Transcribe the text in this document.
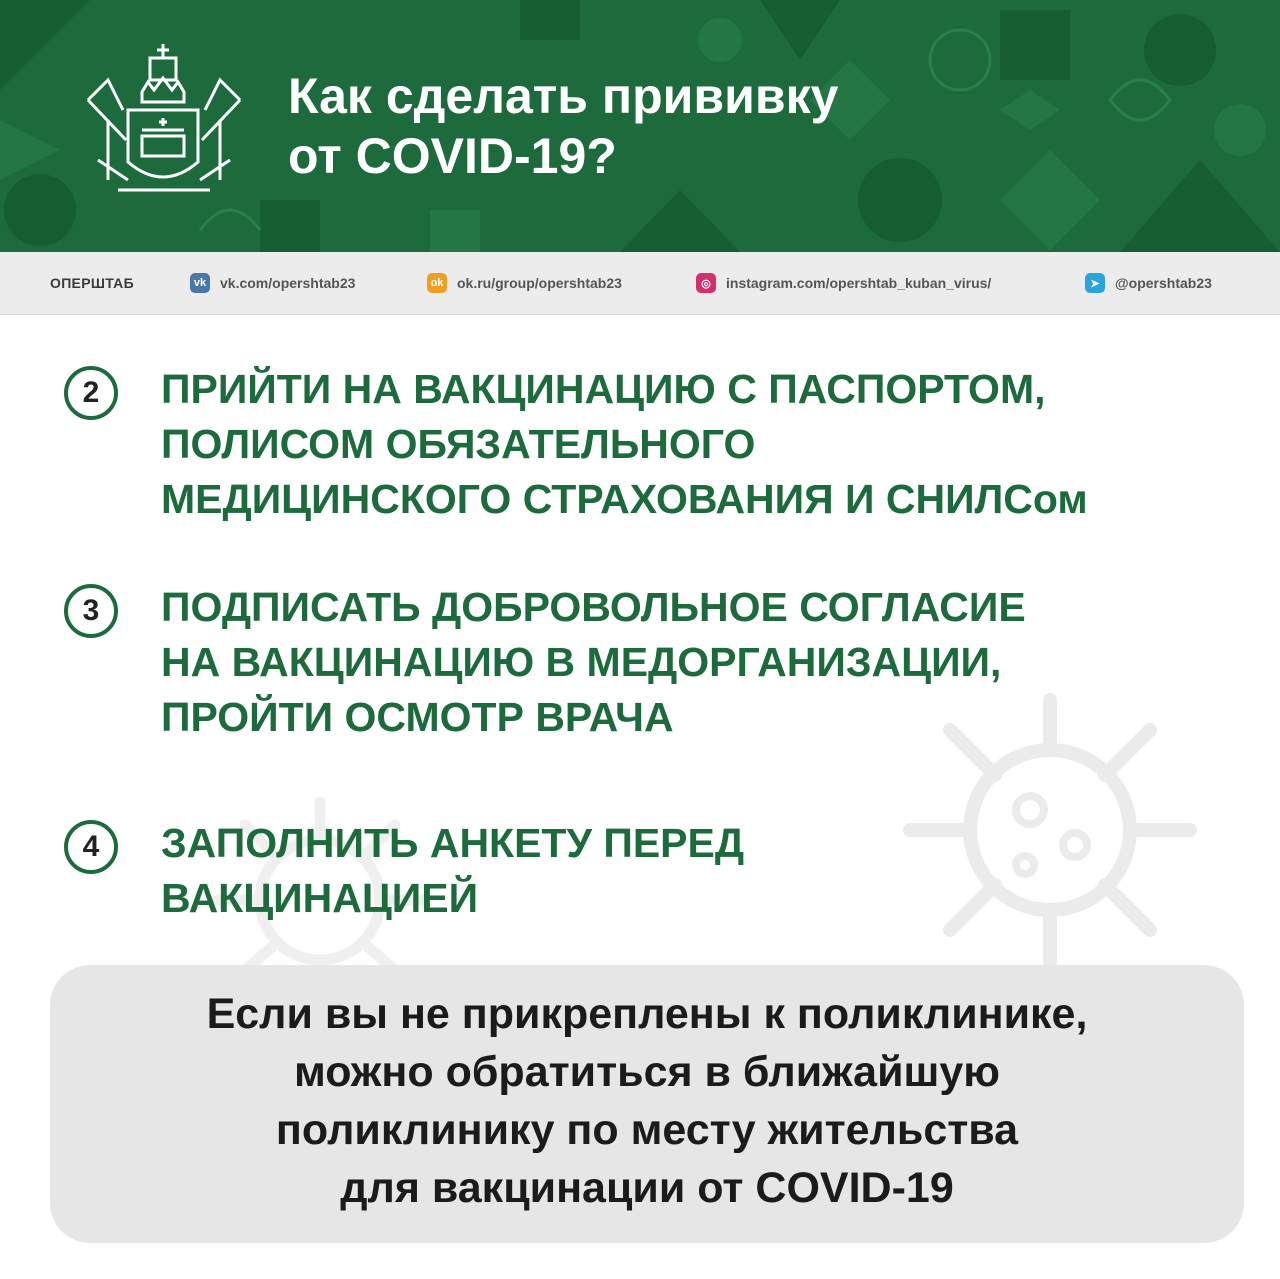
Как сделать прививку
от COVID-19?
ОПЕРШТАБ	vk vk.com/opershtab23	ok ok.ru/group/opershtab23	◎	instagram.com/opershtab_kuban_virus/	➤	@opershtab23
2	ПРИЙТИ НА ВАКЦИНАЦИЮ С ПАСПОРТОМ,
ПОЛИСОМ ОБЯЗАТЕЛЬНОГО
МЕДИЦИНСКОГО СТРАХОВАНИЯ И СНИЛСом
3	ПОДПИСАТЬ ДОБРОВОЛЬНОЕ СОГЛАСИЕ
НА ВАКЦИНАЦИЮ В МЕДОРГАНИЗАЦИИ,
ПРОЙТИ ОСМОТР ВРАЧА
4	ЗАПОЛНИТЬ АНКЕТУ ПЕРЕД
ВАКЦИНАЦИЕЙ

Если вы не прикреплены к поликлинике,
можно обратиться в ближайшую
поликлинику по месту жительства
для вакцинации от COVID-19
